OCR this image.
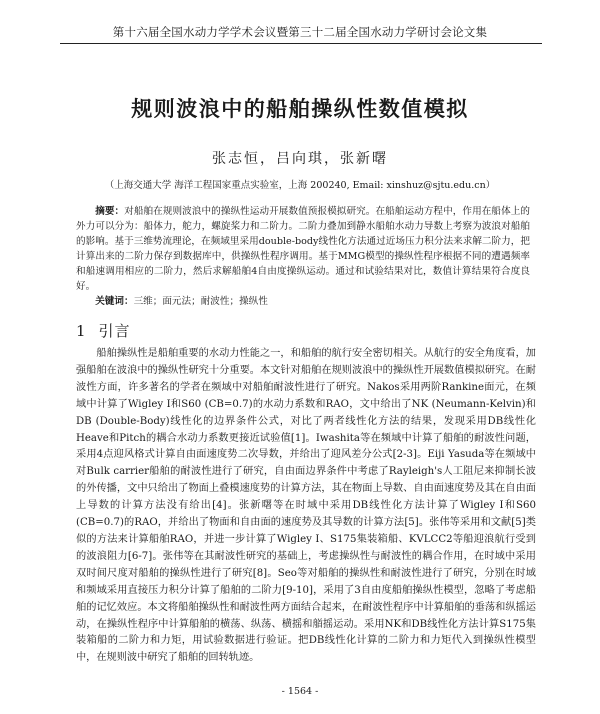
第十六届全国水动力学学术会议暨第三十二届全国水动力学研讨会论文集
规则波浪中的船舶操纵性数值模拟
张志恒，吕向琪，张新曙
（上海交通大学 海洋工程国家重点实验室，上海 200240, Email: xinshuz@sjtu.edu.cn）
摘要：对船舶在规则波浪中的操纵性运动开展数值预报模拟研究。在船舶运动方程中，作用在船体上的外力可以分为：船体力，舵力，螺旋桨力和二阶力。二阶力叠加到静水船舶水动力导数上考察为波浪对船舶的影响。基于三维势流理论，在频域里采用double-body线性化方法通过近场压力积分法来求解二阶力，把计算出来的二阶力保存到数据库中，供操纵性程序调用。基于MMG模型的操纵性程序根据不同的遭遇频率和船速调用相应的二阶力，然后求解船舶4自由度操纵运动。通过和试验结果对比，数值计算结果符合度良好。
关键词：三维；面元法；耐波性；操纵性
1 引言
船舶操纵性是船舶重要的水动力性能之一，和船舶的航行安全密切相关。从航行的安全角度看，加强船舶在波浪中的操纵性研究十分重要。本文针对船舶在规则波浪中的操纵性开展数值模拟研究。在耐波性方面，许多著名的学者在频域中对船舶耐波性进行了研究。Nakos采用两阶Rankine面元，在频域中计算了Wigley I和S60 (CB=0.7)的水动力系数和RAO，文中给出了NK (Neumann-Kelvin)和DB (Double-Body)线性化的边界条件公式，对比了两者线性化方法的结果，发现采用DB线性化Heave和Pitch的耦合水动力系数更接近试验值[1]。Iwashita等在频域中计算了船舶的耐波性问题，采用4点迎风格式计算自由面速度势二次导数，并给出了迎风差分公式[2-3]。Eiji Yasuda等在频域中对Bulk carrier船舶的耐波性进行了研究，自由面边界条件中考虑了Rayleigh's人工阻尼来抑制长波的外传播，文中只给出了物面上叠模速度势的计算方法，其在物面上导数、自由面速度势及其在自由面上导数的计算方法没有给出[4]。张新曙等在时域中采用DB线性化方法计算了Wigley I和S60 (CB=0.7)的RAO，并给出了物面和自由面的速度势及其导数的计算方法[5]。张伟等采用和文献[5]类似的方法来计算船舶RAO，并进一步计算了Wigley I、S175集装箱船、KVLCC2等船迎浪航行受到的波浪阻力[6-7]。张伟等在其耐波性研究的基础上，考虑操纵性与耐波性的耦合作用，在时域中采用双时间尺度对船舶的操纵性进行了研究[8]。Seo等对船舶的操纵性和耐波性进行了研究，分别在时域和频域采用直接压力积分计算了船舶的二阶力[9-10]，采用了3自由度船舶操纵性模型，忽略了考虑船舶的记忆效应。本文将船舶操纵性和耐波性两方面结合起来，在耐波性程序中计算船舶的垂荡和纵摇运动，在操纵性程序中计算船舶的横荡、纵荡、横摇和艏摇运动。采用NK和DB线性化方法计算S175集装箱船的二阶力和力矩，用试验数据进行验证。把DB线性化计算的二阶力和力矩代入到操纵性模型中，在规则波中研究了船舶的回转轨迹。
- 1564 -
